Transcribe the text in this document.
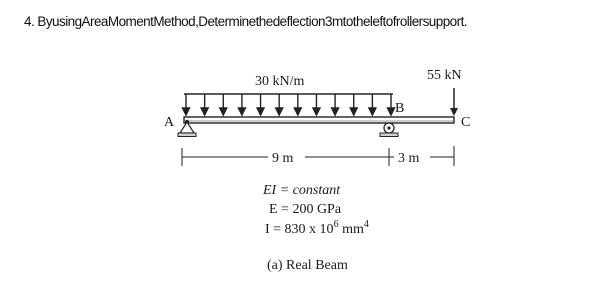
4. ByusingAreaMomentMethod,Determinethedeflection3mtotheleftofrollersupport.
30 kN/m	55 kN
A
B
C
9 m	3 m
EI = constant
E = 200 GPa
I = 830 x $10^6$ $mm^4$
(a) Real Beam
